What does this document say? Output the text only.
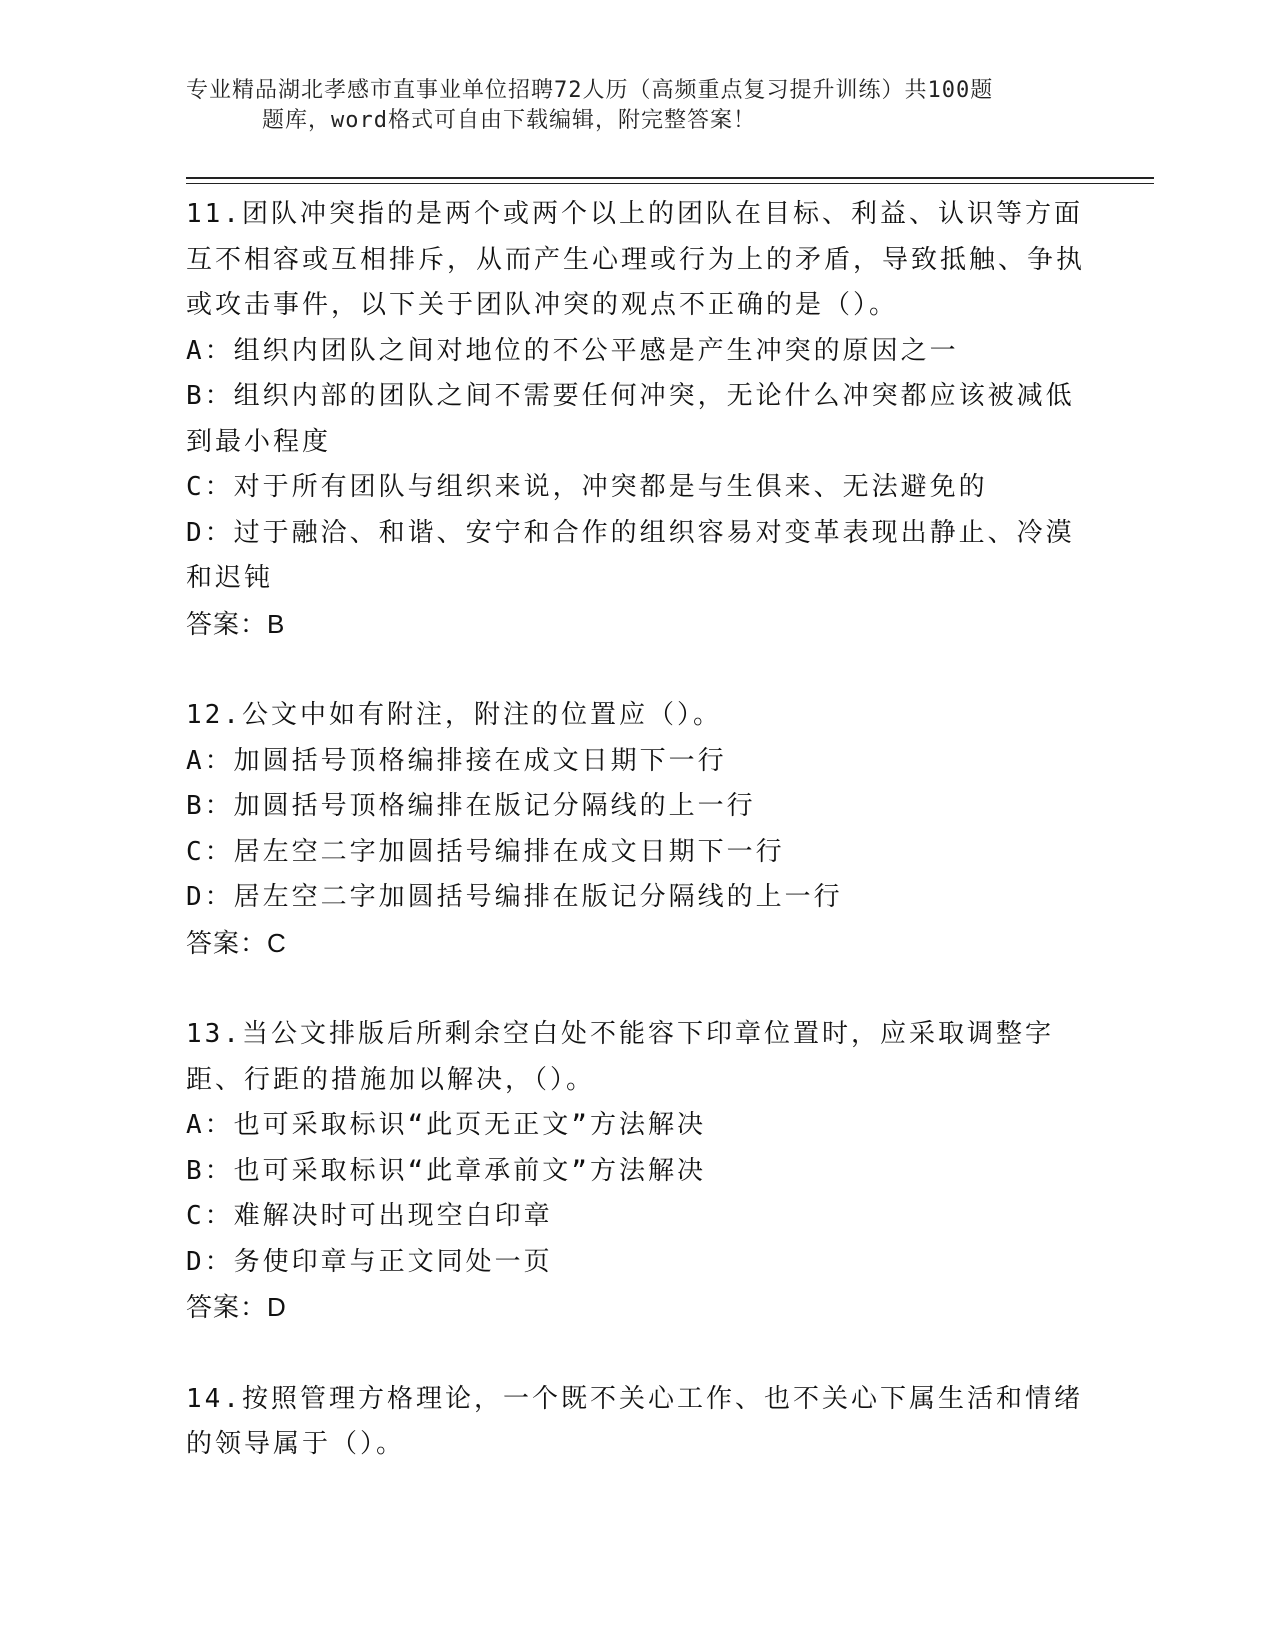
专业精品湖北孝感市直事业单位招聘72人历（高频重点复习提升训练）共100题
题库，word格式可自由下载编辑，附完整答案！

11.团队冲突指的是两个或两个以上的团队在目标、利益、认识等方面互不相容或互相排斥，从而产生心理或行为上的矛盾，导致抵触、争执或攻击事件，以下关于团队冲突的观点不正确的是（）。

A：组织内团队之间对地位的不公平感是产生冲突的原因之一

B：组织内部的团队之间不需要任何冲突，无论什么冲突都应该被减低到最小程度

C：对于所有团队与组织来说，冲突都是与生俱来、无法避免的

D：过于融洽、和谐、安宁和合作的组织容易对变革表现出静止、冷漠和迟钝

答案：B

12.公文中如有附注，附注的位置应（）。

A：加圆括号顶格编排接在成文日期下一行

B：加圆括号顶格编排在版记分隔线的上一行

C：居左空二字加圆括号编排在成文日期下一行

D：居左空二字加圆括号编排在版记分隔线的上一行

答案：C

13.当公文排版后所剩余空白处不能容下印章位置时，应采取调整字距、行距的措施加以解决，（）。

A：也可采取标识“此页无正文”方法解决

B：也可采取标识“此章承前文”方法解决

C：难解决时可出现空白印章

D：务使印章与正文同处一页

答案：D

14.按照管理方格理论，一个既不关心工作、也不关心下属生活和情绪的领导属于（）。
